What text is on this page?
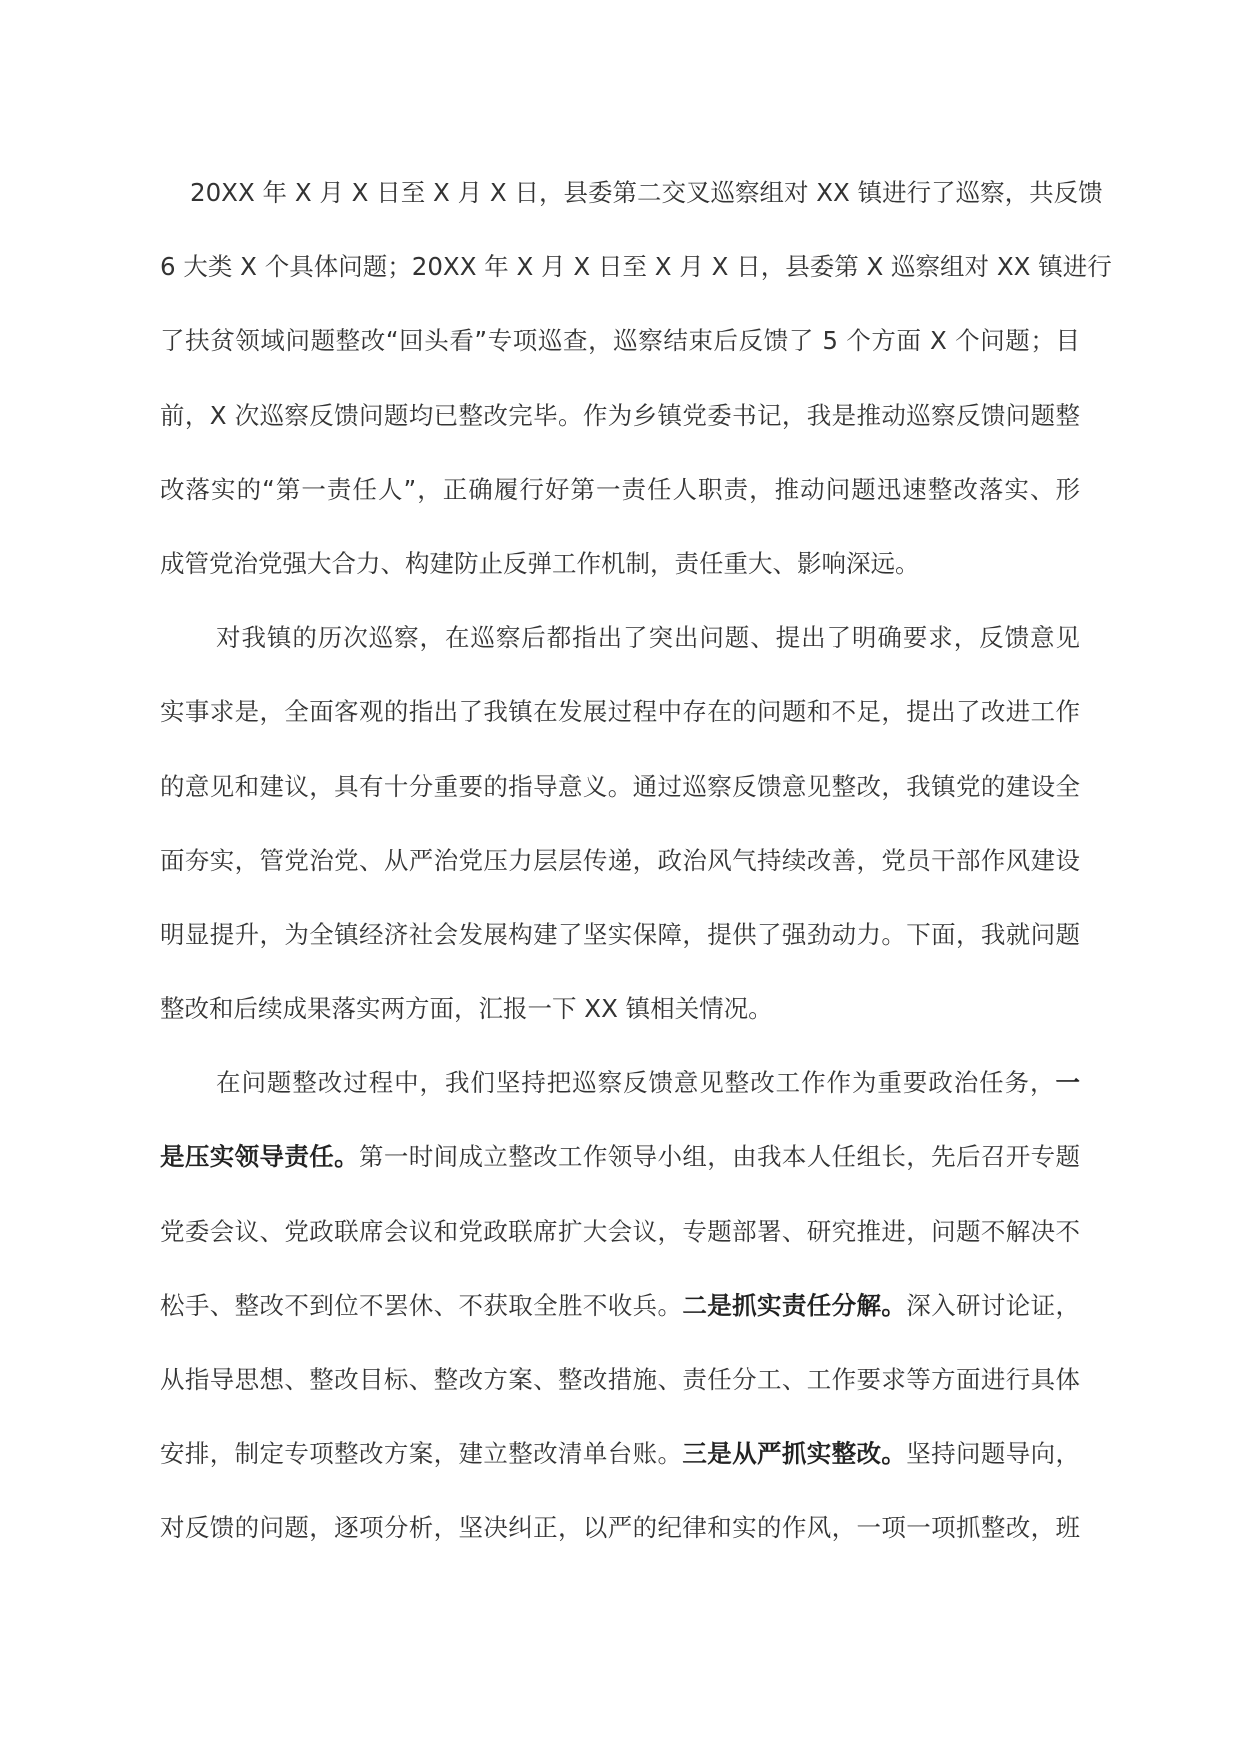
20XX 年 X 月 X 日至 X 月 X 日，县委第二交叉巡察组对 XX 镇进行了巡察，共反馈
6 大类 X 个具体问题；20XX 年 X 月 X 日至 X 月 X 日，县委第 X 巡察组对 XX 镇进行
了扶贫领域问题整改“回头看”专项巡查，巡察结束后反馈了 5 个方面 X 个问题；目
前，X 次巡察反馈问题均已整改完毕。作为乡镇党委书记，我是推动巡察反馈问题整
改落实的“第一责任人”，正确履行好第一责任人职责，推动问题迅速整改落实、形
成管党治党强大合力、构建防止反弹工作机制，责任重大、影响深远。
对我镇的历次巡察，在巡察后都指出了突出问题、提出了明确要求，反馈意见
实事求是，全面客观的指出了我镇在发展过程中存在的问题和不足，提出了改进工作
的意见和建议，具有十分重要的指导意义。通过巡察反馈意见整改，我镇党的建设全
面夯实，管党治党、从严治党压力层层传递，政治风气持续改善，党员干部作风建设
明显提升，为全镇经济社会发展构建了坚实保障，提供了强劲动力。下面，我就问题
整改和后续成果落实两方面，汇报一下 XX 镇相关情况。
在问题整改过程中，我们坚持把巡察反馈意见整改工作作为重要政治任务，一
是压实领导责任。第一时间成立整改工作领导小组，由我本人任组长，先后召开专题
党委会议、党政联席会议和党政联席扩大会议，专题部署、研究推进，问题不解决不
松手、整改不到位不罢休、不获取全胜不收兵。二是抓实责任分解。深入研讨论证，
从指导思想、整改目标、整改方案、整改措施、责任分工、工作要求等方面进行具体
安排，制定专项整改方案，建立整改清单台账。三是从严抓实整改。坚持问题导向，
对反馈的问题，逐项分析，坚决纠正，以严的纪律和实的作风，一项一项抓整改，班
